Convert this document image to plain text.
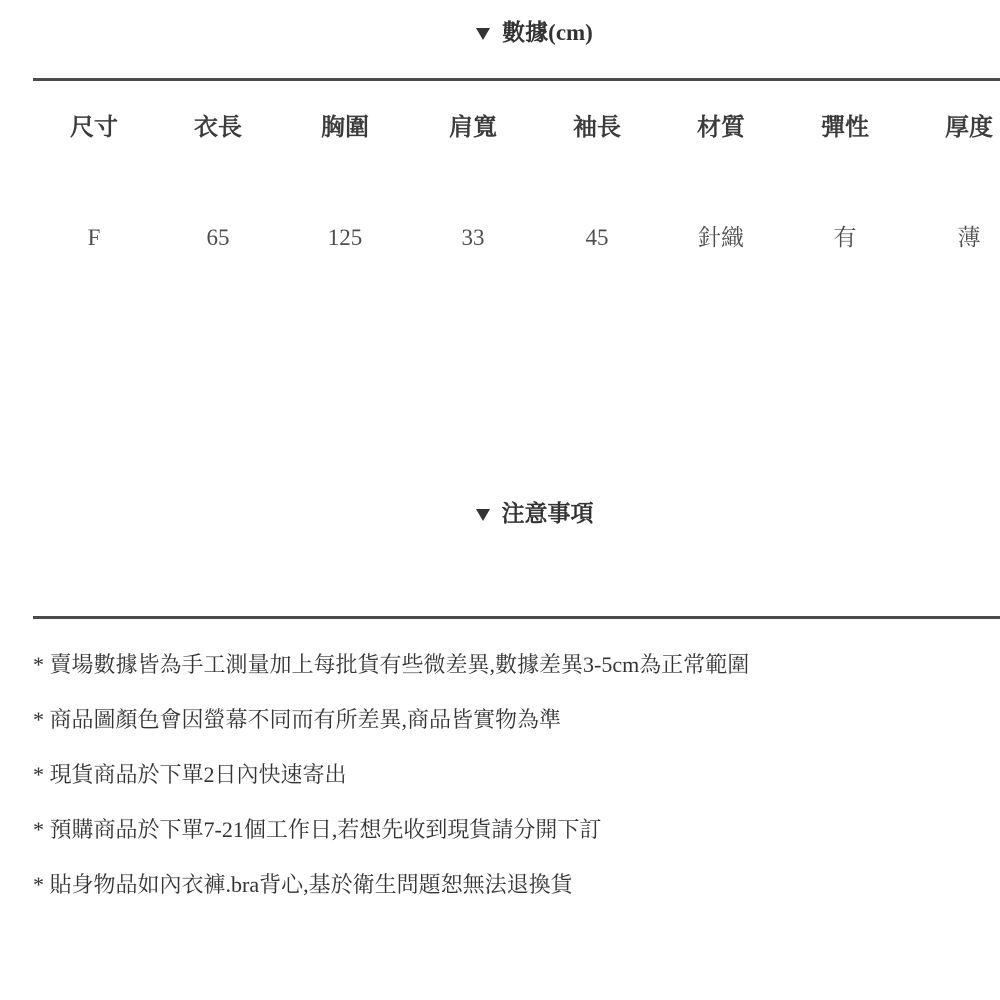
數據(cm)
尺寸	衣長	胸圍	肩寬	袖長	材質	彈性	厚度
F	65	125	33	45	針織	有	薄
注意事項
* 賣場數據皆為手工測量加上每批貨有些微差異,數據差異3-5cm為正常範圍
* 商品圖顏色會因螢幕不同而有所差異,商品皆實物為準
* 現貨商品於下單2日內快速寄出
* 預購商品於下單7-21個工作日,若想先收到現貨請分開下訂
* 貼身物品如內衣褲.bra背心,基於衛生問題恕無法退換貨
